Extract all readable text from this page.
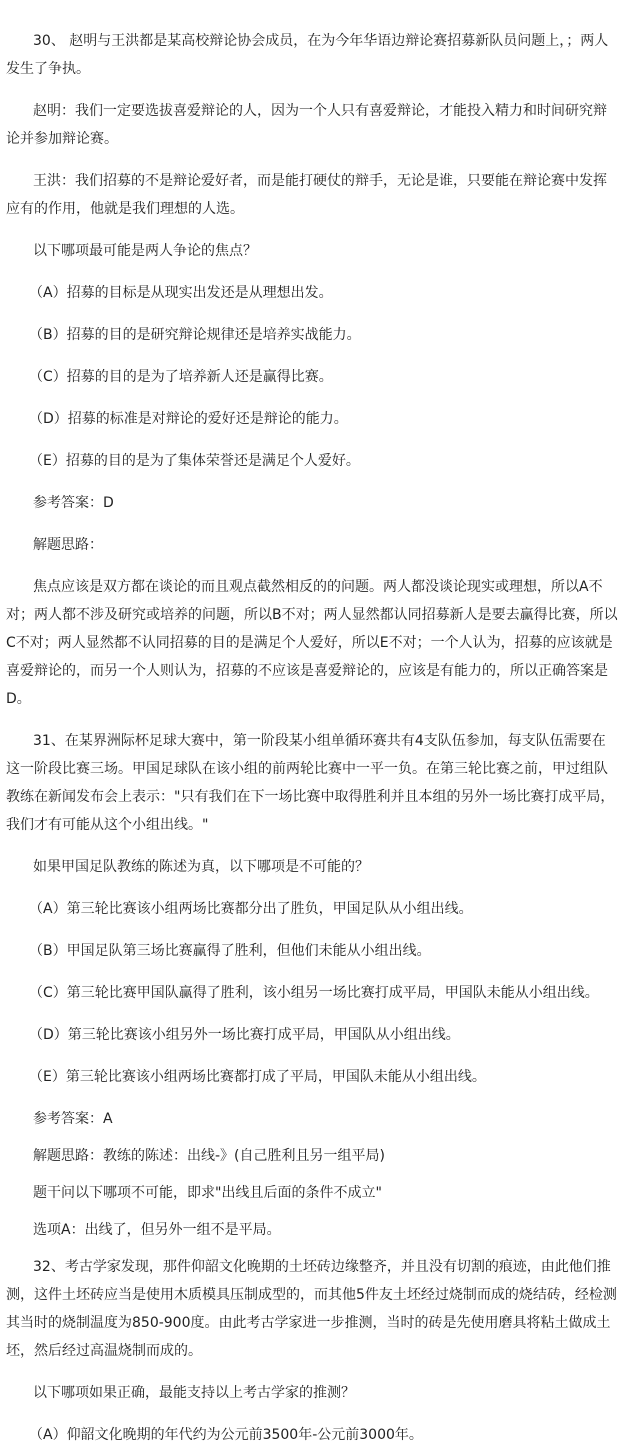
30、 赵明与王洪都是某高校辩论协会成员，在为今年华语边辩论赛招募新队员问题上，；两人发生了争执。

赵明：我们一定要选拔喜爱辩论的人，因为一个人只有喜爱辩论，才能投入精力和时间研究辩论并参加辩论赛。

王洪：我们招募的不是辩论爱好者，而是能打硬仗的辩手，无论是谁，只要能在辩论赛中发挥应有的作用，他就是我们理想的人选。

以下哪项最可能是两人争论的焦点？

（A）招募的目标是从现实出发还是从理想出发。

（B）招募的目的是研究辩论规律还是培养实战能力。

（C）招募的目的是为了培养新人还是赢得比赛。

（D）招募的标准是对辩论的爱好还是辩论的能力。

（E）招募的目的是为了集体荣誉还是满足个人爱好。

参考答案：D

解题思路：

焦点应该是双方都在谈论的而且观点截然相反的的问题。两人都没谈论现实或理想，所以A不对；两人都不涉及研究或培养的问题，所以B不对；两人显然都认同招募新人是要去赢得比赛，所以C不对；两人显然都不认同招募的目的是满足个人爱好，所以E不对；一个人认为，招募的应该就是喜爱辩论的，而另一个人则认为，招募的不应该是喜爱辩论的，应该是有能力的，所以正确答案是D。

31、在某界洲际杯足球大赛中，第一阶段某小组单循环赛共有4支队伍参加，每支队伍需要在这一阶段比赛三场。甲国足球队在该小组的前两轮比赛中一平一负。在第三轮比赛之前，甲过组队教练在新闻发布会上表示："只有我们在下一场比赛中取得胜利并且本组的另外一场比赛打成平局，我们才有可能从这个小组出线。"

如果甲国足队教练的陈述为真，以下哪项是不可能的？

（A）第三轮比赛该小组两场比赛都分出了胜负，甲国足队从小组出线。

（B）甲国足队第三场比赛赢得了胜利，但他们未能从小组出线。

（C）第三轮比赛甲国队赢得了胜利，该小组另一场比赛打成平局，甲国队未能从小组出线。

（D）第三轮比赛该小组另外一场比赛打成平局，甲国队从小组出线。

（E）第三轮比赛该小组两场比赛都打成了平局，甲国队未能从小组出线。

参考答案：A

解题思路：教练的陈述：出线-》(自己胜利且另一组平局)

题干问以下哪项不可能，即求"出线且后面的条件不成立"

选项A：出线了，但另外一组不是平局。

32、考古学家发现，那件仰韶文化晚期的土坯砖边缘整齐，并且没有切割的痕迹，由此他们推测，这件土坯砖应当是使用木质模具压制成型的，而其他5件友土坯经过烧制而成的烧结砖，经检测其当时的烧制温度为850-900度。由此考古学家进一步推测，当时的砖是先使用磨具将粘土做成土坯，然后经过高温烧制而成的。

以下哪项如果正确，最能支持以上考古学家的推测？

（A）仰韶文化晚期的年代约为公元前3500年-公元前3000年。
